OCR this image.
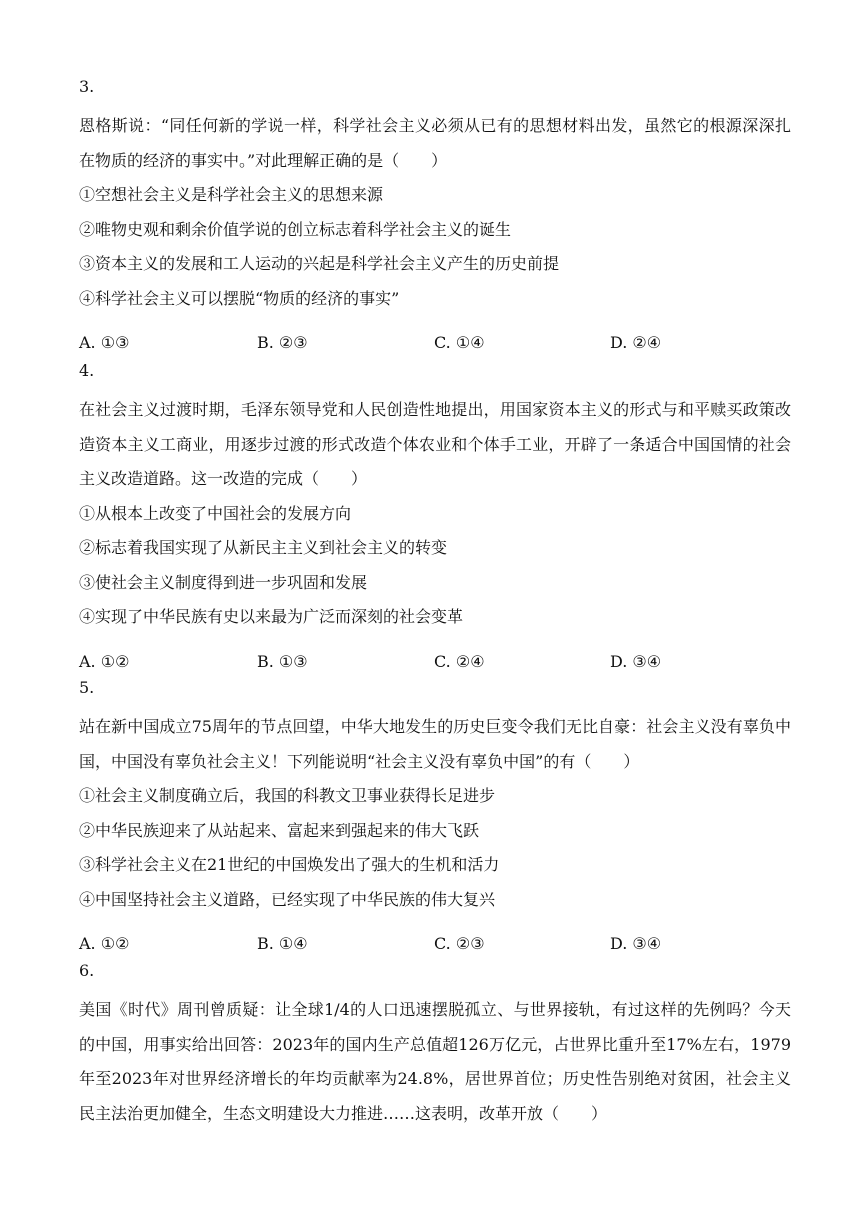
3.

恩格斯说：“同任何新的学说一样，科学社会主义必须从已有的思想材料出发，虽然它的根源深深扎在物质的经济的事实中。”对此理解正确的是（　　）

①空想社会主义是科学社会主义的思想来源

②唯物史观和剩余价值学说的创立标志着科学社会主义的诞生

③资本主义的发展和工人运动的兴起是科学社会主义产生的历史前提

④科学社会主义可以摆脱“物质的经济的事实”

A. ①③	B. ②③	C. ①④	D. ②④
4.

在社会主义过渡时期，毛泽东领导党和人民创造性地提出，用国家资本主义的形式与和平赎买政策改造资本主义工商业，用逐步过渡的形式改造个体农业和个体手工业，开辟了一条适合中国国情的社会主义改造道路。这一改造的完成（　　）

①从根本上改变了中国社会的发展方向

②标志着我国实现了从新民主主义到社会主义的转变

③使社会主义制度得到进一步巩固和发展

④实现了中华民族有史以来最为广泛而深刻的社会变革

A. ①②	B. ①③	C. ②④	D. ③④
5.

站在新中国成立75周年的节点回望，中华大地发生的历史巨变令我们无比自豪：社会主义没有辜负中国，中国没有辜负社会主义！下列能说明“社会主义没有辜负中国”的有（　　）

①社会主义制度确立后，我国的科教文卫事业获得长足进步

②中华民族迎来了从站起来、富起来到强起来的伟大飞跃

③科学社会主义在21世纪的中国焕发出了强大的生机和活力

④中国坚持社会主义道路，已经实现了中华民族的伟大复兴

A. ①②	B. ①④	C. ②③	D. ③④
6.

美国《时代》周刊曾质疑：让全球1/4的人口迅速摆脱孤立、与世界接轨，有过这样的先例吗？今天的中国，用事实给出回答：2023年的国内生产总值超126万亿元，占世界比重升至17%左右，1979年至2023年对世界经济增长的年均贡献率为24.8%，居世界首位；历史性告别绝对贫困，社会主义民主法治更加健全，生态文明建设大力推进……这表明，改革开放（　　）
